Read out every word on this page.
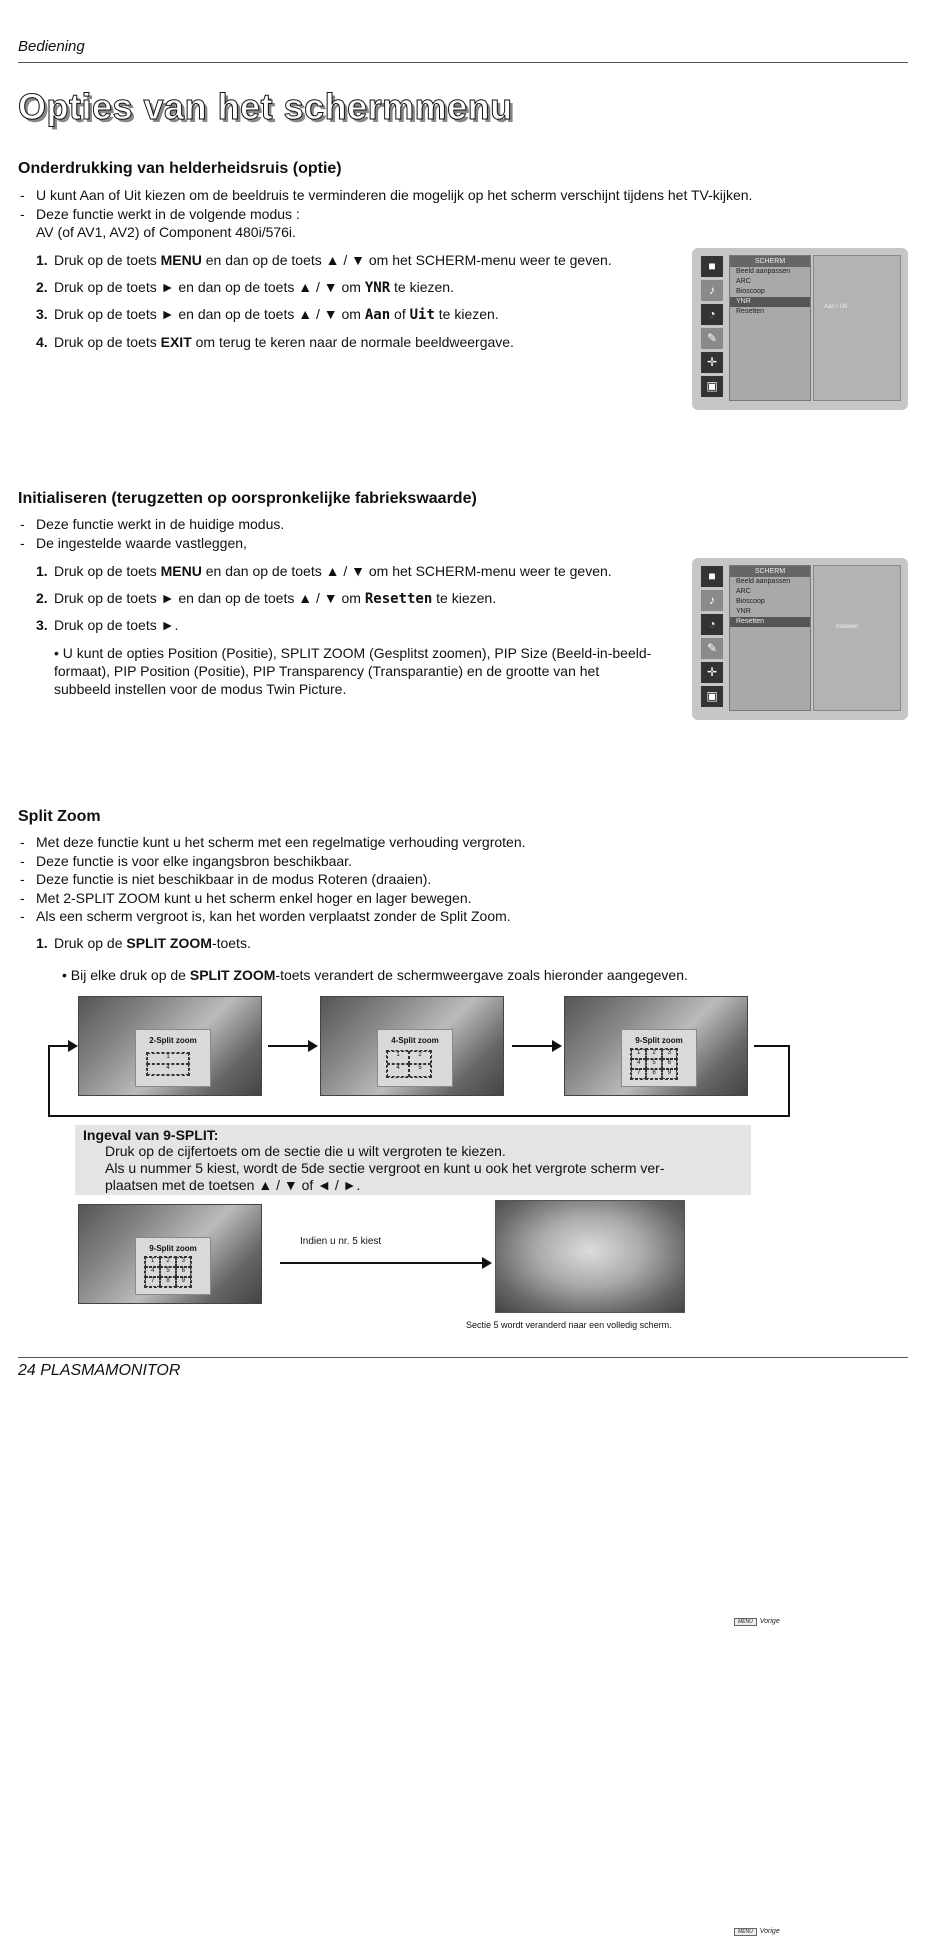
Bediening
Opties van het schermmenu
Onderdrukking van helderheidsruis (optie)
- U kunt Aan of Uit kiezen om de beeldruis te verminderen die mogelijk op het scherm verschijnt tijdens het TV-kijken.
- Deze functie werkt in de volgende modus :
AV (of AV1, AV2) of Component 480i/576i.
1. Druk op de toets MENU en dan op de toets ▲ / ▼ om het SCHERM-menu weer te geven.
2. Druk op de toets ► en dan op de toets ▲ / ▼ om YNR te kiezen.
3. Druk op de toets ► en dan op de toets ▲ / ▼ om Aan of Uit te kiezen.
4. Druk op de toets EXIT om terug te keren naar de normale beeldweergave.
■
♪
◔
✎
✛
▣
SCHERM
Beeld aanpassen
ARC
Bioscoop
YNR
Resetten
MENU Vorige
Aan / Uit
Initialiseren (terugzetten op oorspronkelijke fabriekswaarde)
- Deze functie werkt in de huidige modus.
- De ingestelde waarde vastleggen,
1. Druk op de toets MENU en dan op de toets ▲ / ▼ om het SCHERM-menu weer te geven.
2. Druk op de toets ► en dan op de toets ▲ / ▼ om Resetten te kiezen.
3. Druk op de toets ►.
• U kunt de opties Position (Positie), SPLIT ZOOM (Gesplitst zoomen), PIP Size (Beeld-in-beeld-formaat), PIP Position (Positie), PIP Transparency (Transparantie) en de grootte van het subbeeld instellen voor de modus Twin Picture.
■
♪
◔
✎
✛
▣
SCHERM
Beeld aanpassen
ARC
Bioscoop
YNR
Resetten
MENU Vorige
Instellen
Split Zoom
- Met deze functie kunt u het scherm met een regelmatige verhouding vergroten.
- Deze functie is voor elke ingangsbron beschikbaar.
- Deze functie is niet beschikbaar in de modus Roteren (draaien).
- Met 2-SPLIT ZOOM kunt u het scherm enkel hoger en lager bewegen.
- Als een scherm vergroot is, kan het worden verplaatst zonder de Split Zoom.
1. Druk op de SPLIT ZOOM-toets.
• Bij elke druk op de SPLIT ZOOM-toets verandert de schermweergave zoals hieronder aangegeven.
2-Split zoom
1
4
4-Split zoom
1	2
4	5
9-Split zoom
1	2	3
4	5	6
7	8	9
Ingeval van 9-SPLIT:
Druk op de cijfertoets om de sectie die u wilt vergroten te kiezen.
Als u nummer 5 kiest, wordt de 5de sectie vergroot en kunt u ook het vergrote scherm ver-
plaatsen met de toetsen ▲ / ▼ of ◄ / ►.
9-Split zoom
1	2	3
4	5	6
7	8	9
Indien u nr. 5 kiest
Sectie 5 wordt veranderd naar een volledig scherm.
24 PLASMAMONITOR
